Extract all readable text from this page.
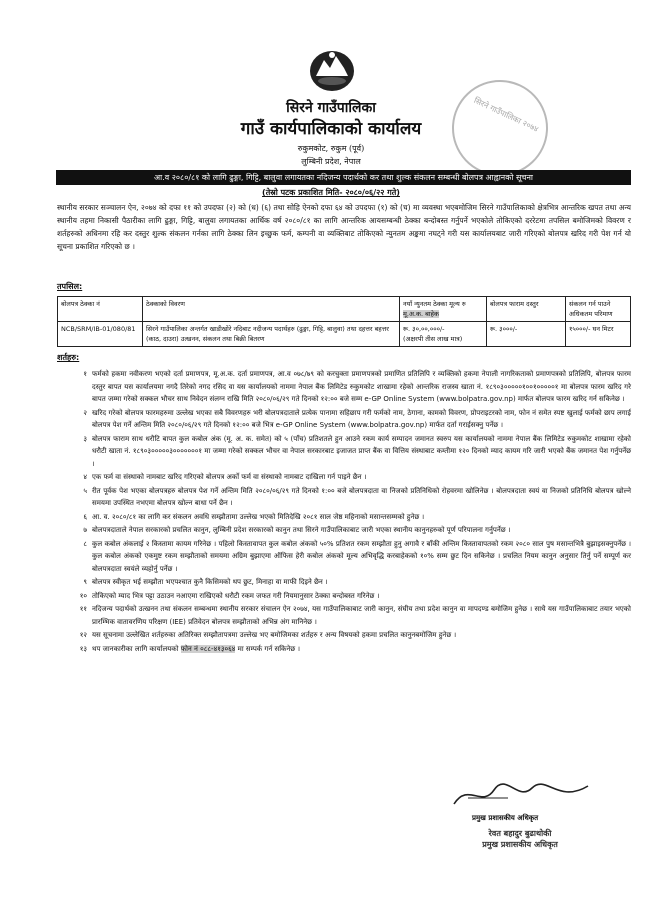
सिरने गाउँपालिका २०७४
सिरने गाउँपालिका
गाउँ कार्यपालिकाको कार्यालय
रुकुमकोट, रुकुम (पूर्व)
लुम्बिनी प्रदेश, नेपाल
आ.व २०८०/८१ को लागि ढुङ्गा, गिट्टि, बालुवा लगायतका नदिजन्य पदार्थको कर तथा शुल्क संकलन सम्बन्धी बोलपत्र आह्वानको सूचना
(तेस्रो पटक प्रकाशित मिति- २०८०/०६/२२ गते)
स्थानीय सरकार सञ्चालन ऐन, २०७४ को दफा ११ को उपदफा (२) को (ध) (६) तथा सोहि ऐनको दफा ६४ को उपदफा (१) को (च) मा व्यवस्था भएबमोजिम सिरने गाउँपालिकाको क्षेत्रभित्र आन्तरिक खपत तथा अन्य स्थानीय तहमा निकासी पैठारीका लागि ढुङ्गा, गिट्टि, बालुवा लगायतका आर्थिक वर्ष २०८०/८१ का लागि आन्तरिक आयसम्बन्धी ठेक्का बन्दोबस्त गर्नुपर्ने भएकोले तोकिएको दररेटमा तपसिल बमोजिमको विवरण र शर्तहरुको अधिनमा रहि कर दस्तुर शुल्क संकलन गर्नका लागि ठेक्का लिन इच्छुक फर्म, कम्पनी वा व्यक्तिबाट तोकिएको न्युनतम अङ्कमा नघट्ने गरी यस कार्यालयबाट जारी गरिएको बोलपत्र खरिद गरी पेश गर्न यो सूचना प्रकाशित गरिएको छ ।
तपसिल:
बोलपत्र ठेक्का नं	ठेक्काको विवरण	नयाँ न्युनतम ठेक्का मूल्य रु मू.अ.क. बाहेक	बोलपत्र फाराम दस्तुर	संकलन गर्न पाउने अधिकतम परिमाण
NCB/SRM/IB-01/080/81	सिरने गाउँपालिका अन्तर्गत खाडीखोरे नदिबाट नदीजन्य पदार्थहरु (ढुङ्गा, गिट्टि, बालुवा) तथा दहत्तर बहत्तर (काठ, दाउरा) उत्खनन, संकलन तथा बिक्री बितरण	रू. ३०,००,०००/-
(अक्षरपी तीस लाख मात्र)	रू. ३०००/-	१५०००/- घन मिटर
शर्तहरु:
१ फर्मको हकमा नवीकरण भएको दर्ता प्रमाणपत्र, मू.अ.क. दर्ता प्रमाणपत्र, आ.व ०७८/७९ को करचुक्ता प्रमाणपत्रको प्रमाणित प्रतिलिपि र व्यक्तिको हकमा नेपाली नागरिकताको प्रमाणपत्रको प्रतिलिपि, बोलपत्र फारम दस्तुर बापत यस कार्यालयमा नगदै तिरेको नगद रसिद वा यस कार्यालयको नाममा नेपाल बैंक लिमिटेड रुकुमकोट शाखामा रहेको आन्तरिक राजस्व खाता नं. १८९०३०००००१००१०००००१ मा बोलपत्र फारम खरिद गरे बापत जम्मा गरेको सक्कल भौचर साथ निवेदन संलग्न राखि मिति २०८०/०६/२९ गते दिनको १२:०० बजे सम्म e-GP Online System (www.bolpatra.gov.np) मार्फत बोलपत्र फारम खरिद गर्न सकिनेछ ।
२ खरिद गरेको बोलपत्र फारमहरुमा उल्लेख भएका सबै विवरणहरु भरी बोलपत्रदाताले प्रत्येक पानामा सहिछाप गरी फर्मको नाम, ठेगाना, कामको विवरण, प्रोपराइटरको नाम, फोन नं समेत स्पष्ट खुलाई फर्मको छाप लगाई बोलपत्र पेश गर्ने अन्तिम मिति २०८०/०६/२९ गते दिनको १२:०० बजे भित्र e-GP Online System (www.bolpatra.gov.np) मार्फत दर्ता गराईसक्नु पर्नेछ ।
३ बोलपत्र फाराम साथ धरौटि बापत कुल कबोल अंक (मू. अ. क. समेत) को ५ (पाँच) प्रतिशतले हुन आउने रकम कार्य सम्पादन जमानत स्वरुप यस कार्यालयको नाममा नेपाल बैंक लिमिटेड रुकुमकोट शाखामा रहेको धरौटी खाता नं. १८९०३०००००३०००००००१ मा जम्मा गरेको सक्कल भौचर वा नेपाल सरकारबाट इजाजत प्राप्त बैंक वा वित्तिय संस्थाबाट कम्तीमा १२० दिनको म्याद कायम गरि जारी भएको बैंक जमानत पेश गर्नुपर्नेछ ।
४ एक फर्म वा संस्थाको नामबाट खरिद गरिएको बोलपत्र अर्को फर्म वा संस्थाको नामबाट दाखिला गर्न पाइने छैन ।
५ रीत पूर्वक पेश भएका बोलपत्रहरु बोलपत्र पेश गर्ने अन्तिम मिति २०८०/०६/२९ गते दिनको १:०० बजे बोलपत्रदाता वा निजको प्रतिनिधिको रोहवरमा खोलिनेछ । बोलपत्रदाता स्वयं वा निजको प्रतिनिधि बोलपत्र खोल्ने समयमा उपस्थित नभएमा बोलपत्र खोल्न बाधा पर्ने छैन ।
६ आ. व. २०८०/८१ का लागि कर संकलन अवधि सम्झौतामा उल्लेख भएको मितिदेखि २०८१ साल जेष्ठ महिनाको मसान्तसम्मको हुनेछ ।
७ बोलपत्रदाताले नेपाल सरकारको प्रचलित कानुन, लुम्बिनी प्रदेश सरकारको कानुन तथा सिरने गाउँपालिकाबाट जारी भएका स्थानीय कानुनहरुको पूर्ण परिपालना गर्नुपर्नेछ ।
८ कुल कबोल अंकलाई २ किस्तामा कायम गरिनेछ । पहिलो किस्तावापत कुल कबोल अंकको ५०% प्रतिशत रकम सम्झौता हुनु अगावै र बाँकी अन्तिम किस्तावापतको रकम २०८० साल पुष मसान्तभित्रै बुझाइसक्नुपर्नेछ । कुल कबोल अंकको एकमुष्ट रकम सम्झौताको समयमा अग्रिम बुझाएमा ऑफिस हेरी कबोल अंकको मूल्य अभिवृद्धि करबाहेकको १०% सम्म छुट दिन सकिनेछ । प्रचलित नियम कानुन अनुसार तिर्नु पर्ने सम्पूर्ण कर बोलपत्रदाता स्वयंले व्यहोर्नु पर्नेछ ।
९ बोलपत्र स्वीकृत भई सम्झौता भएपश्चात कुनै किसिमको थप छुट, मिनाहा वा माफी दिइने छैन ।
१० तोकिएको म्याद भित्र पट्टा उठाउन नआएमा राखिएको धरौटी रकम जफत गरी नियमानुसार ठेक्का बन्दोबस्त गरिनेछ ।
११ नदिजन्य पदार्थको उत्खनन तथा संकलन सम्बन्धमा स्थानीय सरकार संचालन ऐन २०७४, यस गाउँपालिकाबाट जारी कानुन, संघीय तथा प्रदेश कानुन वा मापदण्ड बमोजिम हुनेछ । साथै यस गाउँपालिकाबाट तयार भएको प्रारम्भिक वातावरणिय परिक्षण (IEE) प्रतिवेदन बोलपत्र सम्झौताको अभिन्न अंग मानिनेछ ।
१२ यस सूचनामा उल्लेखित शर्तहरुका अतिरिक्त सम्झौतापत्रमा उल्लेख भए बमोजिमका शर्तहरु र अन्य विषयको हकमा प्रचलित कानुनबमोजिम हुनेछ ।
१३ थप जानकारीका लागि कार्यालयको फोन नं ०८८-४१३०६४ मा सम्पर्क गर्न सकिनेछ ।
प्रमुख प्रशासकीय अधिकृत
रेवत बहादुर बुढाथोकी
प्रमुख प्रशासकीय अधिकृत
